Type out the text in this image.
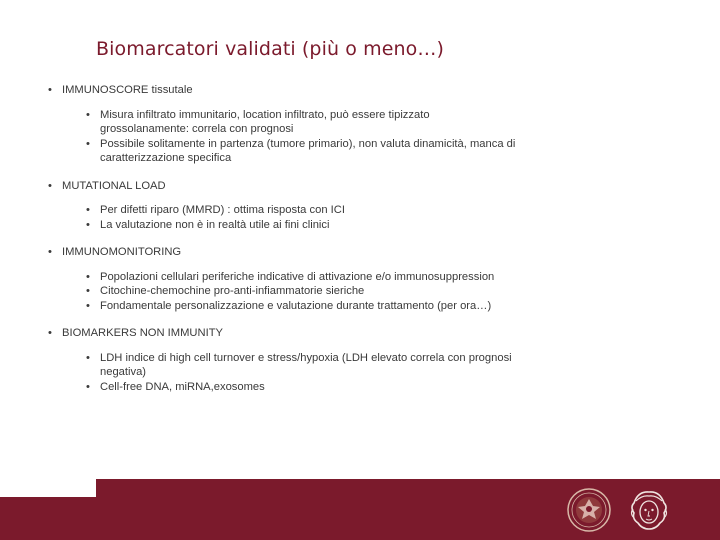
Biomarcatori validati (più o meno…)
• IMMUNOSCORE tissutale
• Misura infiltrato immunitario, location infiltrato, può essere tipizzato grossolanamente: correla con prognosi
• Possibile solitamente in partenza (tumore primario), non valuta dinamicità, manca di caratterizzazione specifica
• MUTATIONAL LOAD
• Per difetti riparo (MMRD) : ottima risposta con ICI
• La valutazione non è in realtà utile ai fini clinici
• IMMUNOMONITORING
• Popolazioni cellulari periferiche indicative di attivazione e/o immunosuppression
• Citochine-chemochine pro-anti-infiammatorie sieriche
• Fondamentale personalizzazione e valutazione durante trattamento (per ora…)
• BIOMARKERS NON IMMUNITY
• LDH indice di high cell turnover e stress/hypoxia (LDH elevato correla con prognosi negativa)
• Cell-free DNA, miRNA,exosomes
